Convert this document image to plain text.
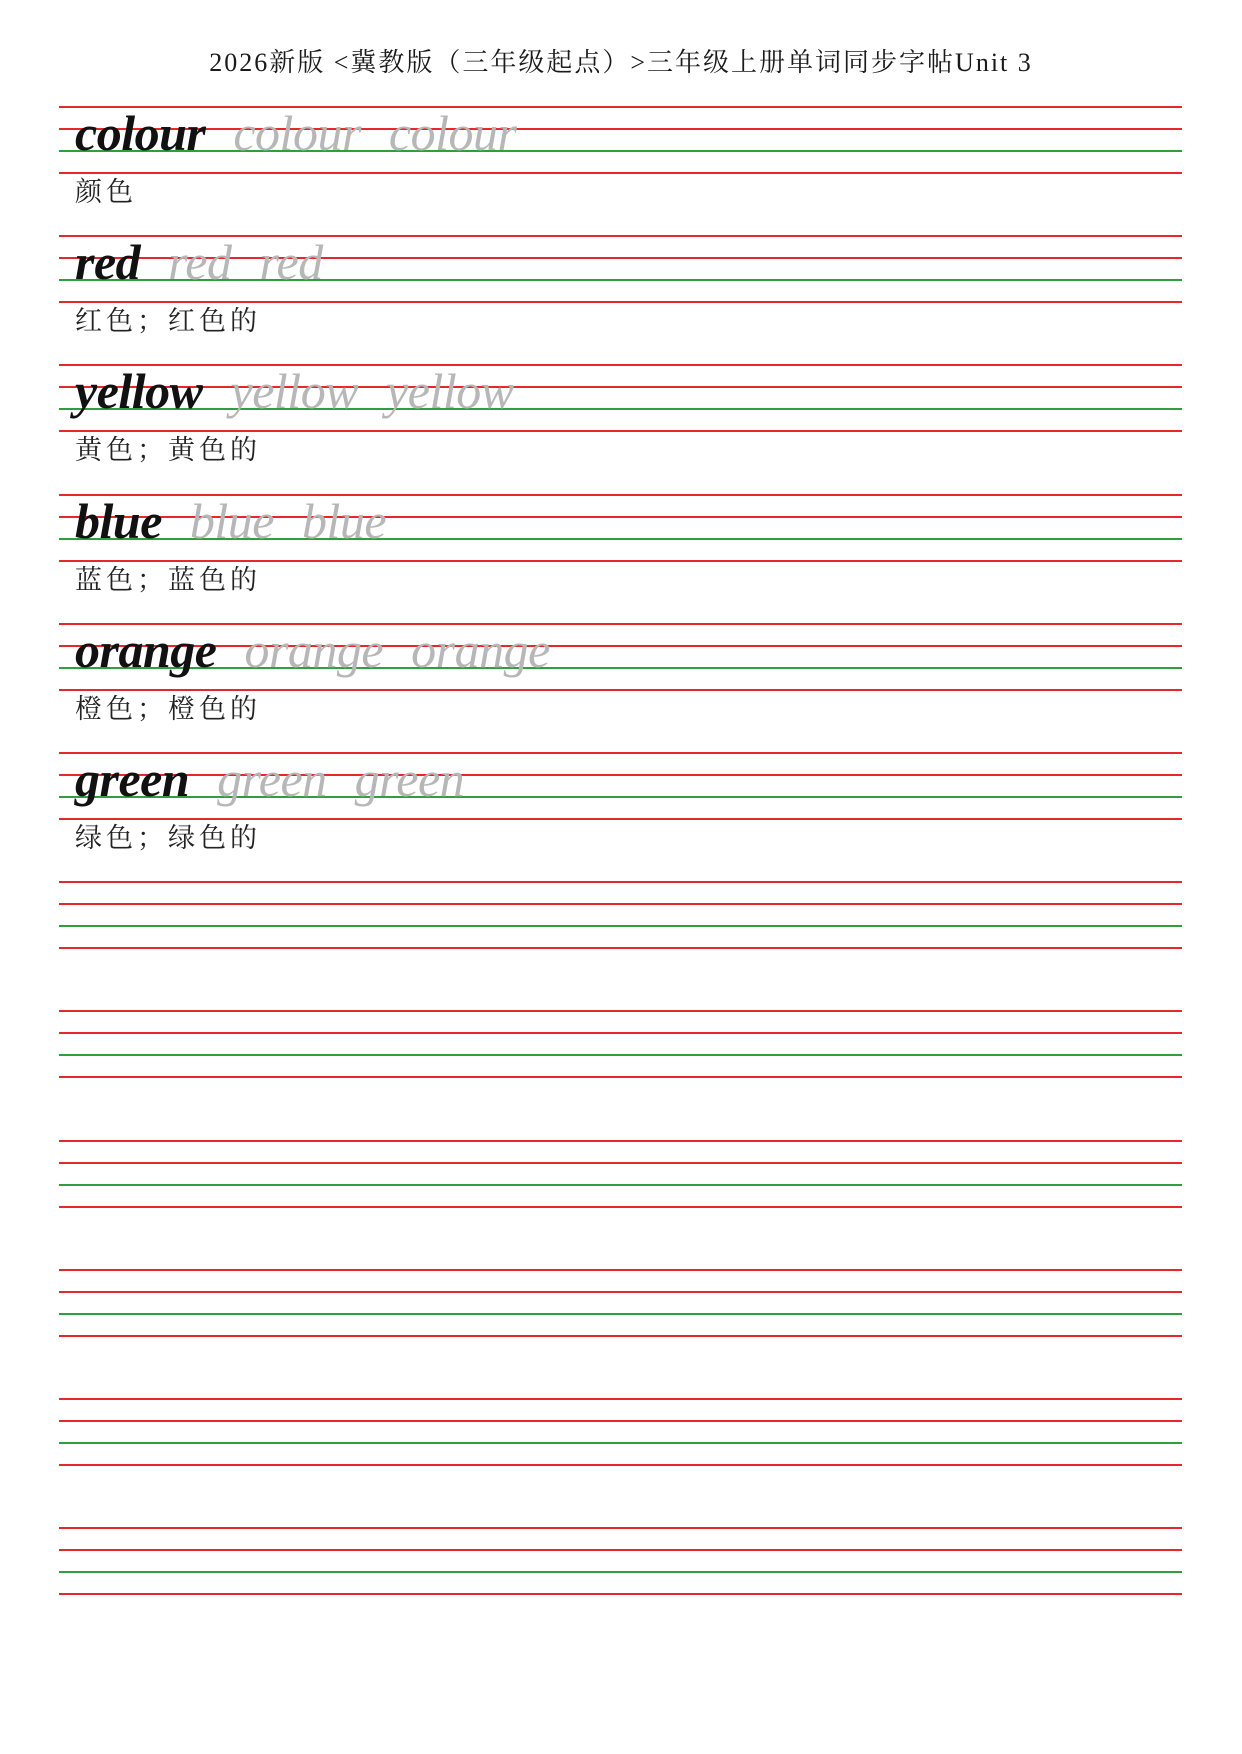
2026新版 <冀教版（三年级起点）>三年级上册单词同步字帖Unit 3
colour colour colour
颜色
red red red
红色；红色的
yellow yellow yellow
黄色；黄色的
blue blue blue
蓝色；蓝色的
orange orange orange
橙色；橙色的
green green green
绿色；绿色的
